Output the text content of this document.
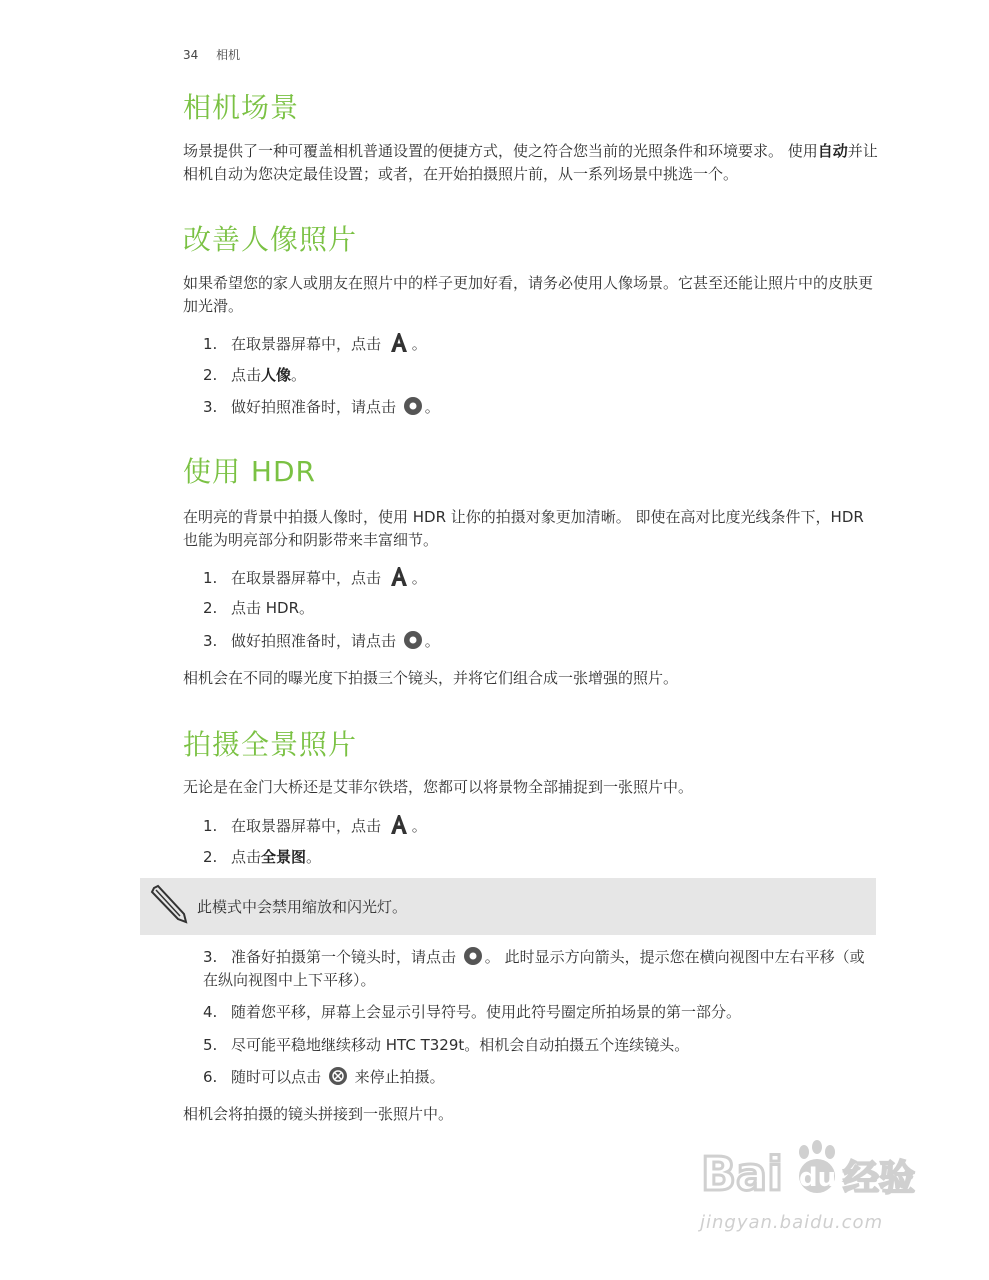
34 相机
相机场景

场景提供了一种可覆盖相机普通设置的便捷方式，使之符合您当前的光照条件和环境要求。 使用自动并让相机自动为您决定最佳设置；或者，在开始拍摄照片前，从一系列场景中挑选一个。

改善人像照片

如果希望您的家人或朋友在照片中的样子更加好看，请务必使用人像场景。它甚至还能让照片中的皮肤更加光滑。

1. 在取景器屏幕中，点击 。
2. 点击人像。
3. 做好拍照准备时，请点击 。
使用 HDR

在明亮的背景中拍摄人像时，使用 HDR 让你的拍摄对象更加清晰。 即使在高对比度光线条件下，HDR 也能为明亮部分和阴影带来丰富细节。

1. 在取景器屏幕中，点击 。
2. 点击 HDR。
3. 做好拍照准备时，请点击 。

相机会在不同的曝光度下拍摄三个镜头，并将它们组合成一张增强的照片。

拍摄全景照片

无论是在金门大桥还是艾菲尔铁塔，您都可以将景物全部捕捉到一张照片中。

1. 在取景器屏幕中，点击 。
2. 点击全景图。
此模式中会禁用缩放和闪光灯。
3. 准备好拍摄第一个镜头时，请点击 。 此时显示方向箭头，提示您在横向视图中左右平移（或在纵向视图中上下平移）。
4. 随着您平移，屏幕上会显示引导符号。使用此符号圈定所拍场景的第一部分。
5. 尽可能平稳地继续移动 HTC T329t。相机会自动拍摄五个连续镜头。
6. 随时可以点击 来停止拍摄。

相机会将拍摄的镜头拼接到一张照片中。

Bai du 经验
jingyan.baidu.com
